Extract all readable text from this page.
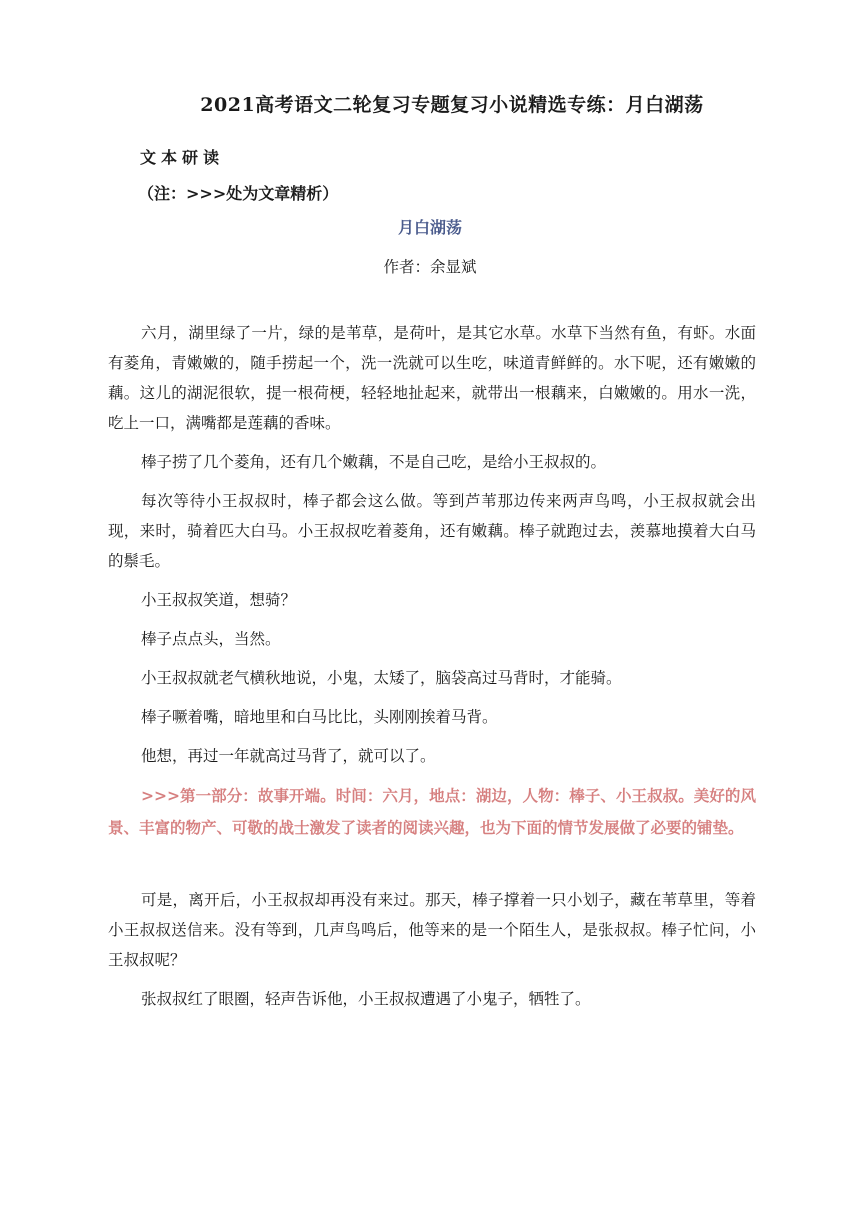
2021高考语文二轮复习专题复习小说精选专练：月白湖荡
文本研读
（注：>>>处为文章精析）
月白湖荡
作者：余显斌

六月，湖里绿了一片，绿的是苇草，是荷叶，是其它水草。水草下当然有鱼，有虾。水面有菱角，青嫩嫩的，随手捞起一个，洗一洗就可以生吃，味道青鲜鲜的。水下呢，还有嫩嫩的藕。这儿的湖泥很软，提一根荷梗，轻轻地扯起来，就带出一根藕来，白嫩嫩的。用水一洗，吃上一口，满嘴都是莲藕的香味。

棒子捞了几个菱角，还有几个嫩藕，不是自己吃，是给小王叔叔的。

每次等待小王叔叔时，棒子都会这么做。等到芦苇那边传来两声鸟鸣，小王叔叔就会出现，来时，骑着匹大白马。小王叔叔吃着菱角，还有嫩藕。棒子就跑过去，羡慕地摸着大白马的鬃毛。

小王叔叔笑道，想骑？

棒子点点头，当然。

小王叔叔就老气横秋地说，小鬼，太矮了，脑袋高过马背时，才能骑。

棒子噘着嘴，暗地里和白马比比，头刚刚挨着马背。

他想，再过一年就高过马背了，就可以了。

>>>第一部分：故事开端。时间：六月，地点：湖边，人物：棒子、小王叔叔。美好的风景、丰富的物产、可敬的战士激发了读者的阅读兴趣，也为下面的情节发展做了必要的铺垫。

可是，离开后，小王叔叔却再没有来过。那天，棒子撑着一只小划子，藏在苇草里，等着小王叔叔送信来。没有等到，几声鸟鸣后，他等来的是一个陌生人，是张叔叔。棒子忙问，小王叔叔呢？

张叔叔红了眼圈，轻声告诉他，小王叔叔遭遇了小鬼子，牺牲了。
